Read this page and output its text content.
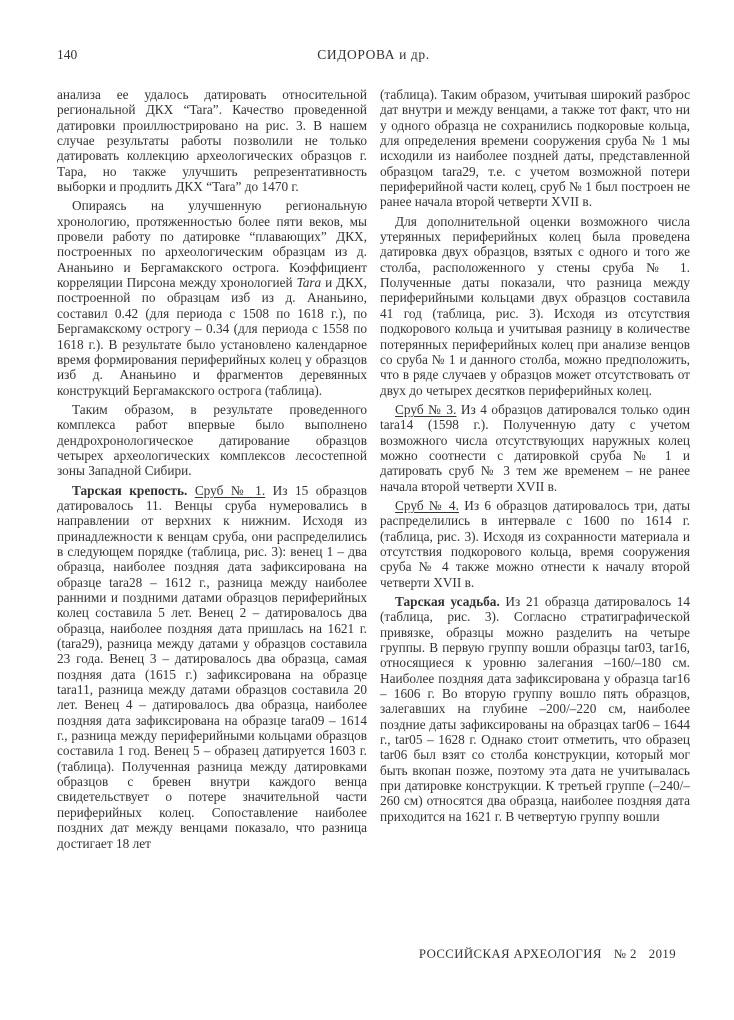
140	СИДОРОВА и др.

анализа ее удалось датировать относительной региональной ДКХ “Tara”. Качество проведенной датировки проиллюстрировано на рис. 3. В нашем случае результаты работы позволили не только датировать коллекцию археологических образцов г. Тара, но также улучшить репрезентативность выборки и продлить ДКХ “Tara” до 1470 г.

Опираясь на улучшенную региональную хронологию, протяженностью более пяти веков, мы провели работу по датировке “плавающих” ДКХ, построенных по археологическим образцам из д. Ананьино и Бергамакского острога. Коэффициент корреляции Пирсона между хронологией Tara и ДКХ, построенной по образцам изб из д. Ананьино, составил 0.42 (для периода с 1508 по 1618 г.), по Бергамакскому острогу – 0.34 (для периода с 1558 по 1618 г.). В результате было установлено календарное время формирования периферийных колец у образцов изб д. Ананьино и фрагментов деревянных конструкций Бергамакского острога (таблица).

Таким образом, в результате проведенного комплекса работ впервые было выполнено дендрохронологическое датирование образцов четырех археологических комплексов лесостепной зоны Западной Сибири.

Тарская крепость. Сруб № 1. Из 15 образцов датировалось 11. Венцы сруба нумеровались в направлении от верхних к нижним. Исходя из принадлежности к венцам сруба, они распределились в следующем порядке (таблица, рис. 3): венец 1 – два образца, наиболее поздняя дата зафиксирована на образце tara28 – 1612 г., разница между наиболее ранними и поздними датами образцов периферийных колец составила 5 лет. Венец 2 – датировалось два образца, наиболее поздняя дата пришлась на 1621 г. (tara29), разница между датами у образцов составила 23 года. Венец 3 – датировалось два образца, самая поздняя дата (1615 г.) зафиксирована на образце tara11, разница между датами образцов составила 20 лет. Венец 4 – датировалось два образца, наиболее поздняя дата зафиксирована на образце tara09 – 1614 г., разница между периферийными кольцами образцов составила 1 год. Венец 5 – образец датируется 1603 г. (таблица). Полученная разница между датировками образцов с бревен внутри каждого венца свидетельствует о потере значительной части периферийных колец. Сопоставление наиболее поздних дат между венцами показало, что разница достигает 18 лет

(таблица). Таким образом, учитывая широкий разброс дат внутри и между венцами, а также тот факт, что ни у одного образца не сохранились подкоровые кольца, для определения времени сооружения сруба № 1 мы исходили из наиболее поздней даты, представленной образцом tara29, т.е. с учетом возможной потери периферийной части колец, сруб № 1 был построен не ранее начала второй четверти XVII в.

Для дополнительной оценки возможного числа утерянных периферийных колец была проведена датировка двух образцов, взятых с одного и того же столба, расположенного у стены сруба № 1. Полученные даты показали, что разница между периферийными кольцами двух образцов составила 41 год (таблица, рис. 3). Исходя из отсутствия подкорового кольца и учитывая разницу в количестве потерянных периферийных колец при анализе венцов со сруба № 1 и данного столба, можно предположить, что в ряде случаев у образцов может отсутствовать от двух до четырех десятков периферийных колец.

Сруб № 3. Из 4 образцов датировался только один tara14 (1598 г.). Полученную дату с учетом возможного числа отсутствующих наружных колец можно соотнести с датировкой сруба № 1 и датировать сруб № 3 тем же временем – не ранее начала второй четверти XVII в.

Сруб № 4. Из 6 образцов датировалось три, даты распределились в интервале с 1600 по 1614 г. (таблица, рис. 3). Исходя из сохранности материала и отсутствия подкорового кольца, время сооружения сруба № 4 также можно отнести к началу второй четверти XVII в.

Тарская усадьба. Из 21 образца датировалось 14 (таблица, рис. 3). Согласно стратиграфической привязке, образцы можно разделить на четыре группы. В первую группу вошли образцы tar03, tar16, относящиеся к уровню залегания –160/–180 см. Наиболее поздняя дата зафиксирована у образца tar16 – 1606 г. Во вторую группу вошло пять образцов, залегавших на глубине –200/–220 см, наиболее поздние даты зафиксированы на образцах tar06 – 1644 г., tar05 – 1628 г. Однако стоит отметить, что образец tar06 был взят со столба конструкции, который мог быть вкопан позже, поэтому эта дата не учитывалась при датировке конструкции. К третьей группе (–240/–260 см) относятся два образца, наиболее поздняя дата приходится на 1621 г. В четвертую группу вошли

РОССИЙСКАЯ АРХЕОЛОГИЯ № 2 2019
